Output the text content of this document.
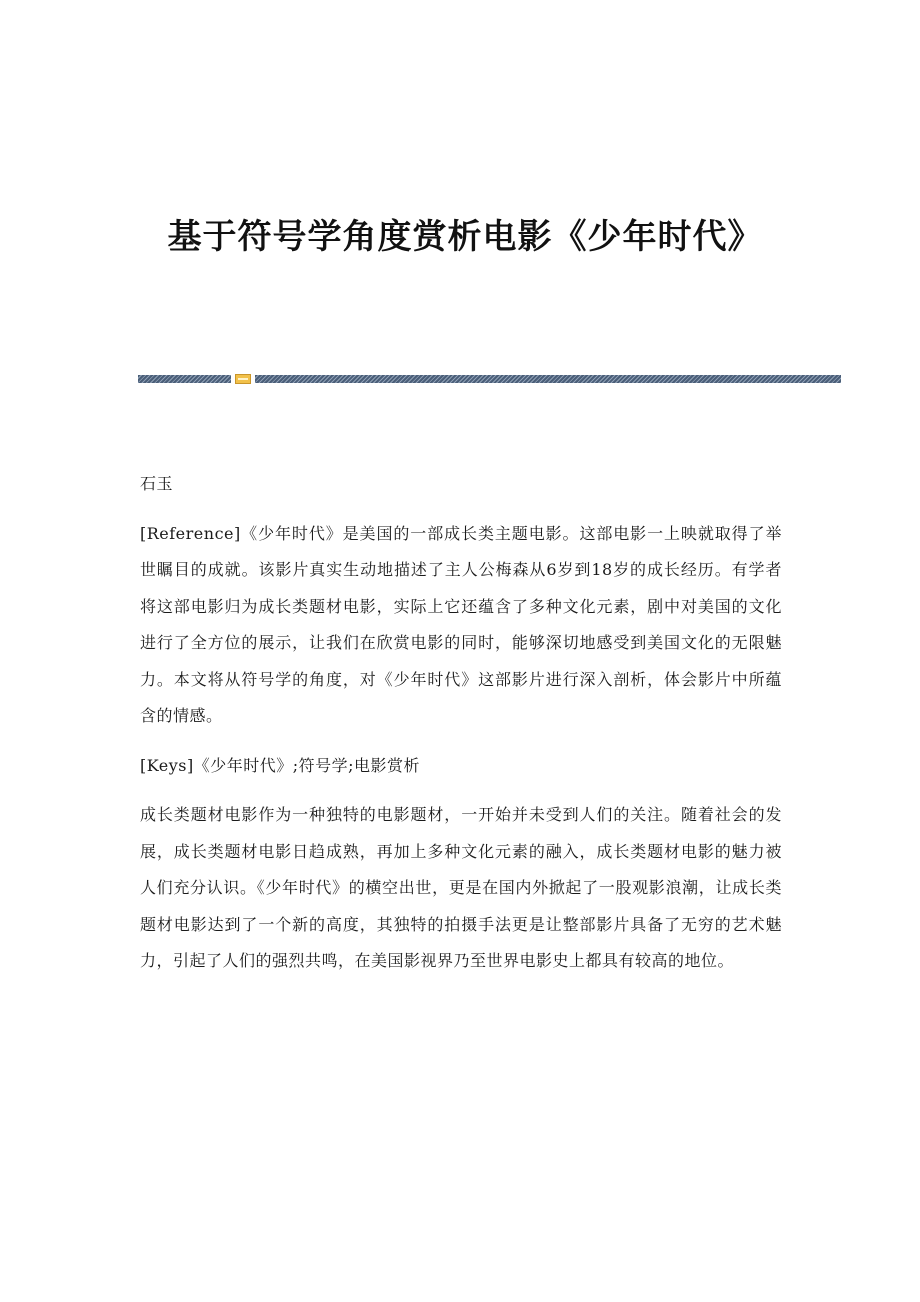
基于符号学角度赏析电影《少年时代》

石玉

[Reference]《少年时代》是美国的一部成长类主题电影。这部电影一上映就取得了举世瞩目的成就。该影片真实生动地描述了主人公梅森从6岁到18岁的成长经历。有学者将这部电影归为成长类题材电影，实际上它还蕴含了多种文化元素，剧中对美国的文化进行了全方位的展示，让我们在欣赏电影的同时，能够深切地感受到美国文化的无限魅力。本文将从符号学的角度，对《少年时代》这部影片进行深入剖析，体会影片中所蕴含的情感。

[Keys]《少年时代》;符号学;电影赏析

成长类题材电影作为一种独特的电影题材，一开始并未受到人们的关注。随着社会的发展，成长类题材电影日趋成熟，再加上多种文化元素的融入，成长类题材电影的魅力被人们充分认识。《少年时代》的横空出世，更是在国内外掀起了一股观影浪潮，让成长类题材电影达到了一个新的高度，其独特的拍摄手法更是让整部影片具备了无穷的艺术魅力，引起了人们的强烈共鸣，在美国影视界乃至世界电影史上都具有较高的地位。
